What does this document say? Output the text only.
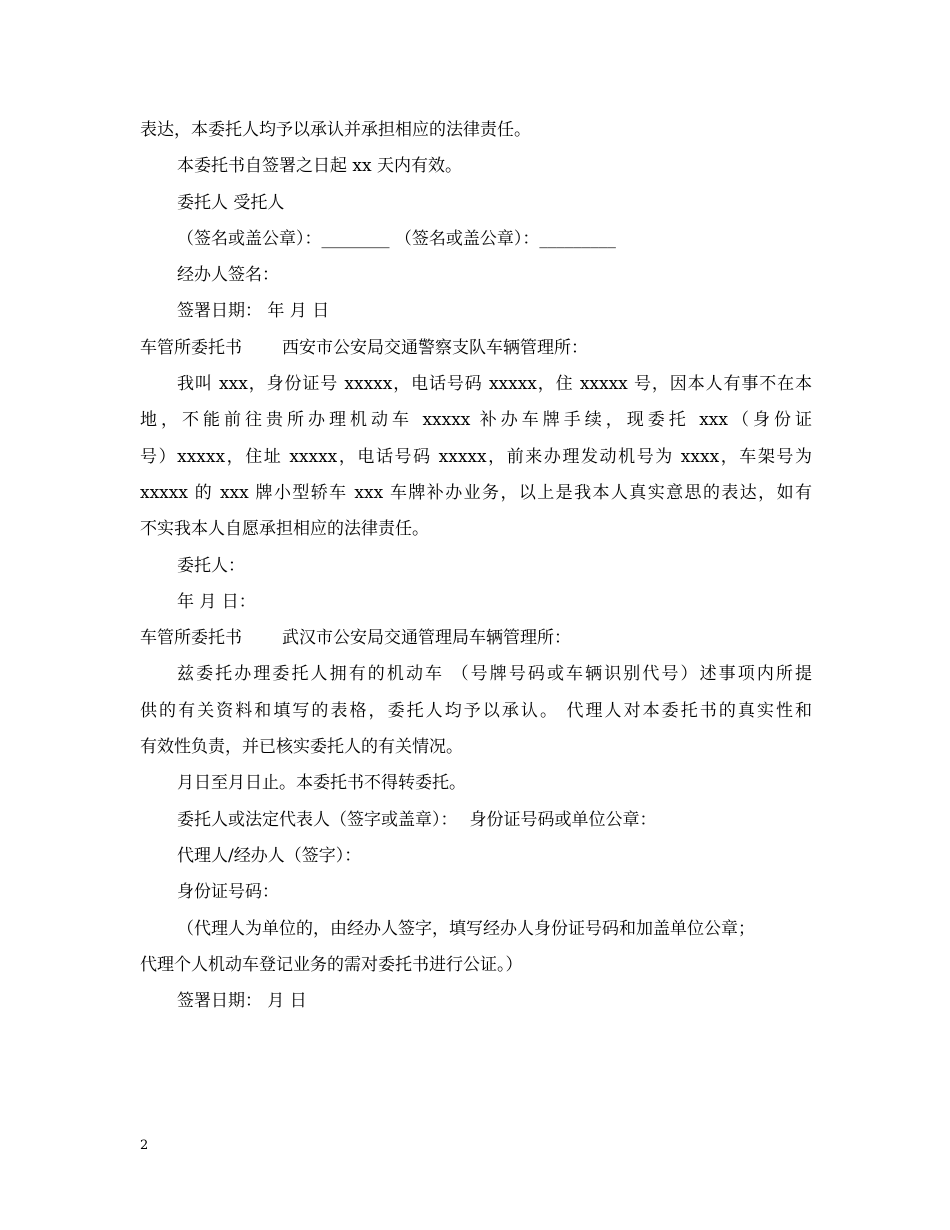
表达，本委托人均予以承认并承担相应的法律责任。
本委托书自签署之日起 xx 天内有效。
委托人 受托人
（签名或盖公章）：________ （签名或盖公章）：_________
经办人签名：
签署日期： 年 月 日
车管所委托书 西安市公安局交通警察支队车辆管理所：
我叫 xxx，身份证号 xxxxx，电话号码 xxxxx，住 xxxxx 号，因本人有事不在本
地，不能前往贵所办理机动车 xxxxx 补办车牌手续，现委托 xxx（身份证
号）xxxxx，住址 xxxxx，电话号码 xxxxx，前来办理发动机号为 xxxx，车架号为
xxxxx 的 xxx 牌小型轿车 xxx 车牌补办业务，以上是我本人真实意思的表达，如有
不实我本人自愿承担相应的法律责任。
委托人：
年 月 日：
车管所委托书 武汉市公安局交通管理局车辆管理所：
兹委托办理委托人拥有的机动车 （号牌号码或车辆识别代号）述事项内所提
供的有关资料和填写的表格，委托人均予以承认。 代理人对本委托书的真实性和
有效性负责，并已核实委托人的有关情况。
月日至月日止。本委托书不得转委托。
委托人或法定代表人（签字或盖章）： 身份证号码或单位公章：
代理人/经办人（签字）：
身份证号码：
（代理人为单位的，由经办人签字，填写经办人身份证号码和加盖单位公章；
代理个人机动车登记业务的需对委托书进行公证。）
签署日期： 月 日
2
